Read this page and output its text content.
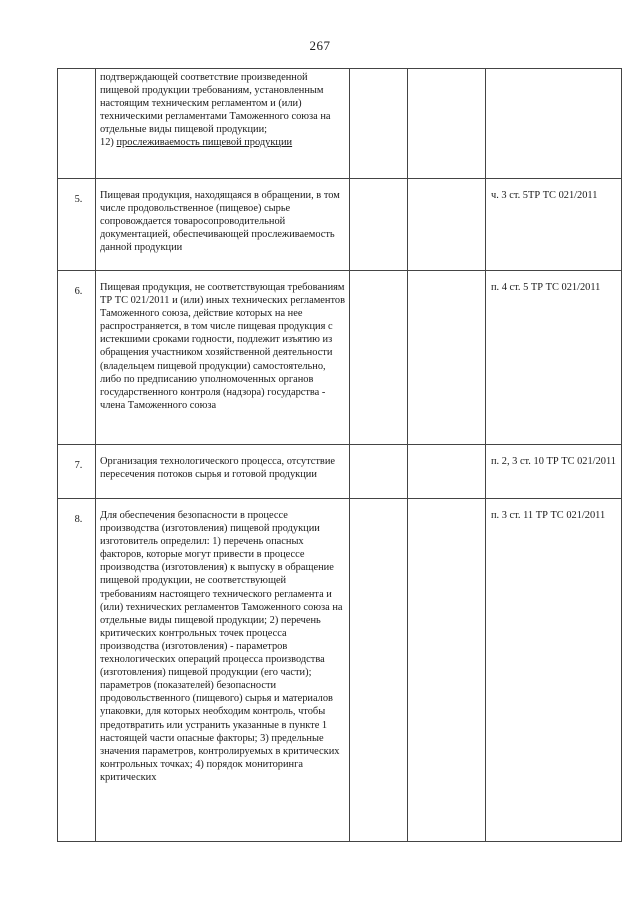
267

	подтверждающей соответствие произведенной пищевой продукции требованиям, установленным настоящим техническим регламентом и (или) техническими регламентами Таможенного союза на отдельные виды пищевой продукции;
12) прослеживаемость пищевой продукции			

5.	Пищевая продукция, находящаяся в обращении, в том числе продовольственное (пищевое) сырье сопровождается товаросопроводительной документацией, обеспечивающей прослеживаемость данной продукции			ч. 3 ст. 5ТР ТС 021/2011

6.	Пищевая продукция, не соответствующая требованиям ТР ТС 021/2011 и (или) иных технических регламентов Таможенного союза, действие которых на нее распространяется, в том числе пищевая продукция с истекшими сроками годности, подлежит изъятию из обращения участником хозяйственной деятельности (владельцем пищевой продукции) самостоятельно, либо по предписанию уполномоченных органов государственного контроля (надзора) государства - члена Таможенного союза			п. 4 ст. 5 ТР ТС 021/2011

7.	Организация технологического процесса, отсутствие пересечения потоков сырья и готовой продукции			п. 2, 3 ст. 10 ТР ТС 021/2011

8.	Для обеспечения безопасности в процессе производства (изготовления) пищевой продукции изготовитель определил: 1) перечень опасных факторов, которые могут привести в процессе производства (изготовления) к выпуску в обращение пищевой продукции, не соответствующей требованиям настоящего технического регламента и (или) технических регламентов Таможенного союза на отдельные виды пищевой продукции; 2) перечень критических контрольных точек процесса производства (изготовления) - параметров технологических операций процесса производства (изготовления) пищевой продукции (его части); параметров (показателей) безопасности продовольственного (пищевого) сырья и материалов упаковки, для которых необходим контроль, чтобы предотвратить или устранить указанные в пункте 1 настоящей части опасные факторы; 3) предельные значения параметров, контролируемых в критических контрольных точках; 4) порядок мониторинга критических			п. 3 ст. 11 ТР ТС 021/2011
